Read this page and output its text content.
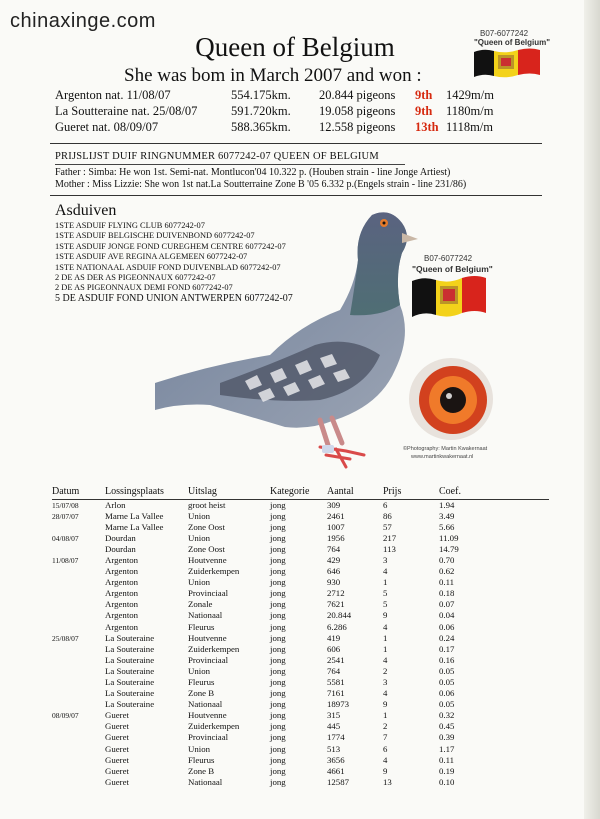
chinaxinge.com
B07-6077242
"Queen of Belgium"
Queen of Belgium
She was bom in March 2007 and won :
Argenton nat. 11/08/07	554.175km. 20.844 pigeons 9th 1429m/m
La Soutteraine nat. 25/08/07	591.720km. 19.058 pigeons 9th 1180m/m
Gueret nat. 08/09/07	588.365km. 12.558 pigeons 13th 1118m/m
PRIJSLIJST DUIF RINGNUMMER 6077242-07 QUEEN OF BELGIUM
Father : Simba: He won 1st. Semi-nat. Montlucon'04 10.322 p. (Houben strain - line Jonge Artiest)
Mother : Miss Lizzie: She won 1st nat.La Soutterraine Zone B '05 6.332 p.(Engels strain - line 231/86)
Asduiven
1STE ASDUIF FLYING CLUB 6077242-07
1STE ASDUIF BELGISCHE DUIVENBOND 6077242-07
1STE ASDUIF JONGE FOND CUREGHEM CENTRE 6077242-07
1STE ASDUIF AVE REGINA ALGEMEEN 6077242-07
1STE NATIONAAL ASDUIF FOND DUIVENBLAD 6077242-07
2 DE AS DER AS PIGEONNAUX 6077242-07
2 DE AS PIGEONNAUX DEMI FOND 6077242-07
5 DE ASDUIF FOND UNION ANTWERPEN 6077242-07
B07-6077242
"Queen of Belgium"
©Photography: Martin Kwakernaat
www.martinkwakernaat.nl
Datum	Lossingsplaats	Uitslag	Kategorie	Aantal	Prijs	Coef.
15/07/08	Arlon	groot heist	jong	309	6	1.94
28/07/07	Marne La Vallee	Union	jong	2461	86	3.49
	Marne La Vallee	Zone Oost	jong	1007	57	5.66
04/08/07	Dourdan	Union	jong	1956	217	11.09
	Dourdan	Zone Oost	jong	764	113	14.79
11/08/07	Argenton	Houtvenne	jong	429	3	0.70
	Argenton	Zuiderkempen	jong	646	4	0.62
	Argenton	Union	jong	930	1	0.11
	Argenton	Provinciaal	jong	2712	5	0.18
	Argenton	Zonale	jong	7621	5	0.07
	Argenton	Nationaal	jong	20.844	9	0.04
	Argenton	Fleurus	jong	6.286	4	0.06
25/08/07	La Souteraine	Houtvenne	jong	419	1	0.24
	La Souteraine	Zuiderkempen	jong	606	1	0.17
	La Souteraine	Provinciaal	jong	2541	4	0.16
	La Souteraine	Union	jong	764	2	0.05
	La Souteraine	Fleurus	jong	5581	3	0.05
	La Souteraine	Zone B	jong	7161	4	0.06
	La Souteraine	Nationaal	jong	18973	9	0.05
08/09/07	Gueret	Houtvenne	jong	315	1	0.32
	Gueret	Zuiderkempen	jong	445	2	0.45
	Gueret	Provinciaal	jong	1774	7	0.39
	Gueret	Union	jong	513	6	1.17
	Gueret	Fleurus	jong	3656	4	0.11
	Gueret	Zone B	jong	4661	9	0.19
	Gueret	Nationaal	jong	12587	13	0.10
